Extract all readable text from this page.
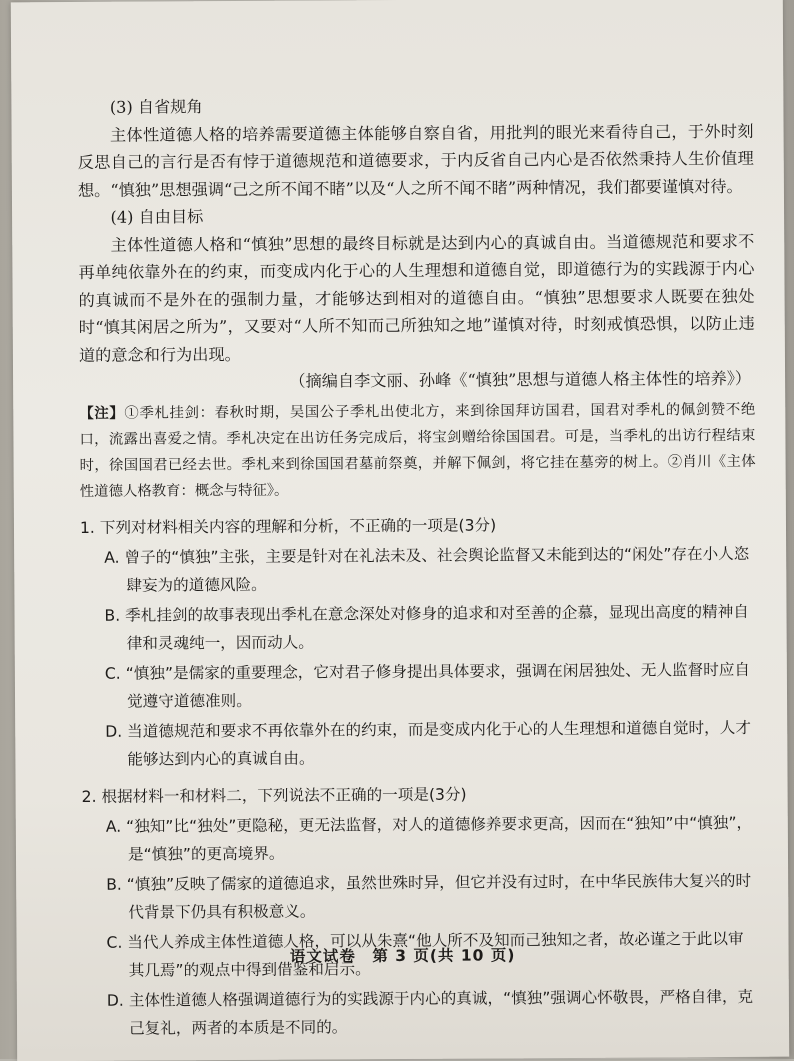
(3) 自省规角

主体性道德人格的培养需要道德主体能够自察自省，用批判的眼光来看待自己，于外时刻反思自己的言行是否有悖于道德规范和道德要求，于内反省自己内心是否依然秉持人生价值理想。“慎独”思想强调“己之所不闻不睹”以及“人之所不闻不睹”两种情况，我们都要谨慎对待。

(4) 自由目标

主体性道德人格和“慎独”思想的最终目标就是达到内心的真诚自由。当道德规范和要求不再单纯依靠外在的约束，而变成内化于心的人生理想和道德自觉，即道德行为的实践源于内心的真诚而不是外在的强制力量，才能够达到相对的道德自由。“慎独”思想要求人既要在独处时“慎其闲居之所为”，又要对“人所不知而己所独知之地”谨慎对待，时刻戒慎恐惧，以防止违道的意念和行为出现。

（摘编自李文丽、孙峰《“慎独”思想与道德人格主体性的培养》）

【注】①季札挂剑：春秋时期，吴国公子季札出使北方，来到徐国拜访国君，国君对季札的佩剑赞不绝口，流露出喜爱之情。季札决定在出访任务完成后，将宝剑赠给徐国国君。可是，当季札的出访行程结束时，徐国国君已经去世。季札来到徐国国君墓前祭奠，并解下佩剑，将它挂在墓旁的树上。②肖川《主体性道德人格教育：概念与特征》。

1. 下列对材料相关内容的理解和分析，不正确的一项是(3分)

A. 曾子的“慎独”主张，主要是针对在礼法未及、社会舆论监督又未能到达的“闲处”存在小人恣肆妄为的道德风险。

B. 季札挂剑的故事表现出季札在意念深处对修身的追求和对至善的企慕，显现出高度的精神自律和灵魂纯一，因而动人。

C. “慎独”是儒家的重要理念，它对君子修身提出具体要求，强调在闲居独处、无人监督时应自觉遵守道德准则。

D. 当道德规范和要求不再依靠外在的约束，而是变成内化于心的人生理想和道德自觉时，人才能够达到内心的真诚自由。

2. 根据材料一和材料二，下列说法不正确的一项是(3分)

A. “独知”比“独处”更隐秘，更无法监督，对人的道德修养要求更高，因而在“独知”中“慎独”，是“慎独”的更高境界。

B. “慎独”反映了儒家的道德追求，虽然世殊时异，但它并没有过时，在中华民族伟大复兴的时代背景下仍具有积极意义。

C. 当代人养成主体性道德人格，可以从朱熹“他人所不及知而己独知之者，故必谨之于此以审其几焉”的观点中得到借鉴和启示。

D. 主体性道德人格强调道德行为的实践源于内心的真诚，“慎独”强调心怀敬畏，严格自律，克己复礼，两者的本质是不同的。

语文试卷　第 3 页(共 10 页)
